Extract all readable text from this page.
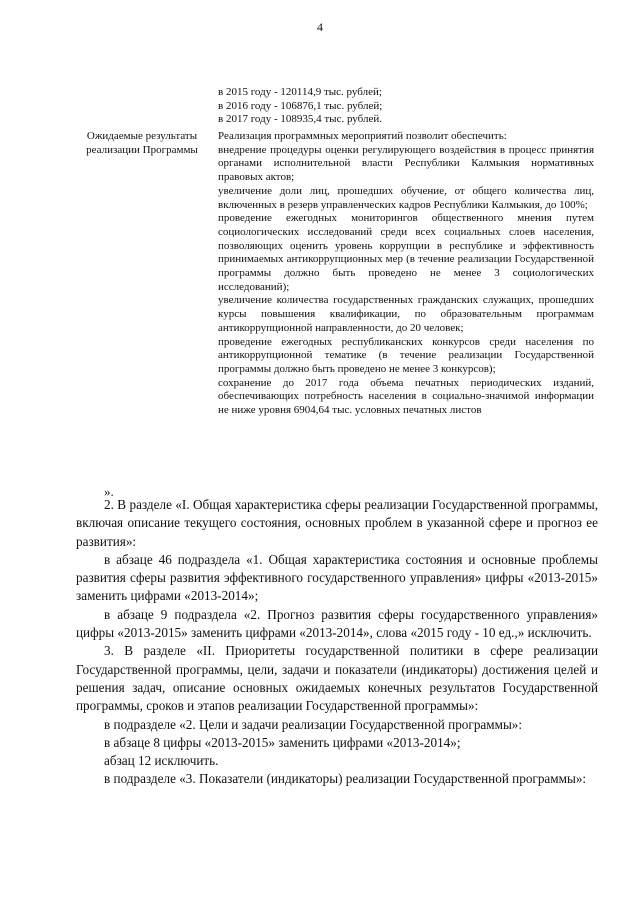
4
Ожидаемые результаты реализации Программы

в 2015 году - 120114,9 тыс. рублей;

в 2016 году - 106876,1 тыс. рублей;

в 2017 году - 108935,4 тыс. рублей.

Реализация программных мероприятий позволит обеспечить:

внедрение процедуры оценки регулирующего воздействия в процесс принятия органами исполнительной власти Республики Калмыкия нормативных правовых актов;

увеличение доли лиц, прошедших обучение, от общего количества лиц, включенных в резерв управленческих кадров Республики Калмыкия, до 100%;

проведение ежегодных мониторингов общественного мнения путем социологических исследований среди всех социальных слоев населения, позволяющих оценить уровень коррупции в республике и эффективность принимаемых антикоррупционных мер (в течение реализации Государственной программы должно быть проведено не менее 3 социологических исследований);

увеличение количества государственных гражданских служащих, прошедших курсы повышения квалификации, по образовательным программам антикоррупционной направленности, до 20 человек;

проведение ежегодных республиканских конкурсов среди населения по антикоррупционной тематике (в течение реализации Государственной программы должно быть проведено не менее 3 конкурсов);

сохранение до 2017 года объема печатных периодических изданий, обеспечивающих потребность населения в социально-значимой информации не ниже уровня 6904,64 тыс. условных печатных листов

».

2. В разделе «I. Общая характеристика сферы реализации Государственной программы, включая описание текущего состояния, основных проблем в указанной сфере и прогноз ее развития»:

в абзаце 46 подраздела «1. Общая характеристика состояния и основные проблемы развития сферы развития эффективного государственного управления» цифры «2013-2015» заменить цифрами «2013-2014»;

в абзаце 9 подраздела «2. Прогноз развития сферы государственного управления» цифры «2013-2015» заменить цифрами «2013-2014», слова «2015 году - 10 ед.,» исключить.

3. В разделе «II. Приоритеты государственной политики в сфере реализации Государственной программы, цели, задачи и показатели (индикаторы) достижения целей и решения задач, описание основных ожидаемых конечных результатов Государственной программы, сроков и этапов реализации Государственной программы»:

в подразделе «2. Цели и задачи реализации Государственной программы»:

в абзаце 8 цифры «2013-2015» заменить цифрами «2013-2014»;

абзац 12 исключить.

в подразделе «3. Показатели (индикаторы) реализации Государственной программы»:
